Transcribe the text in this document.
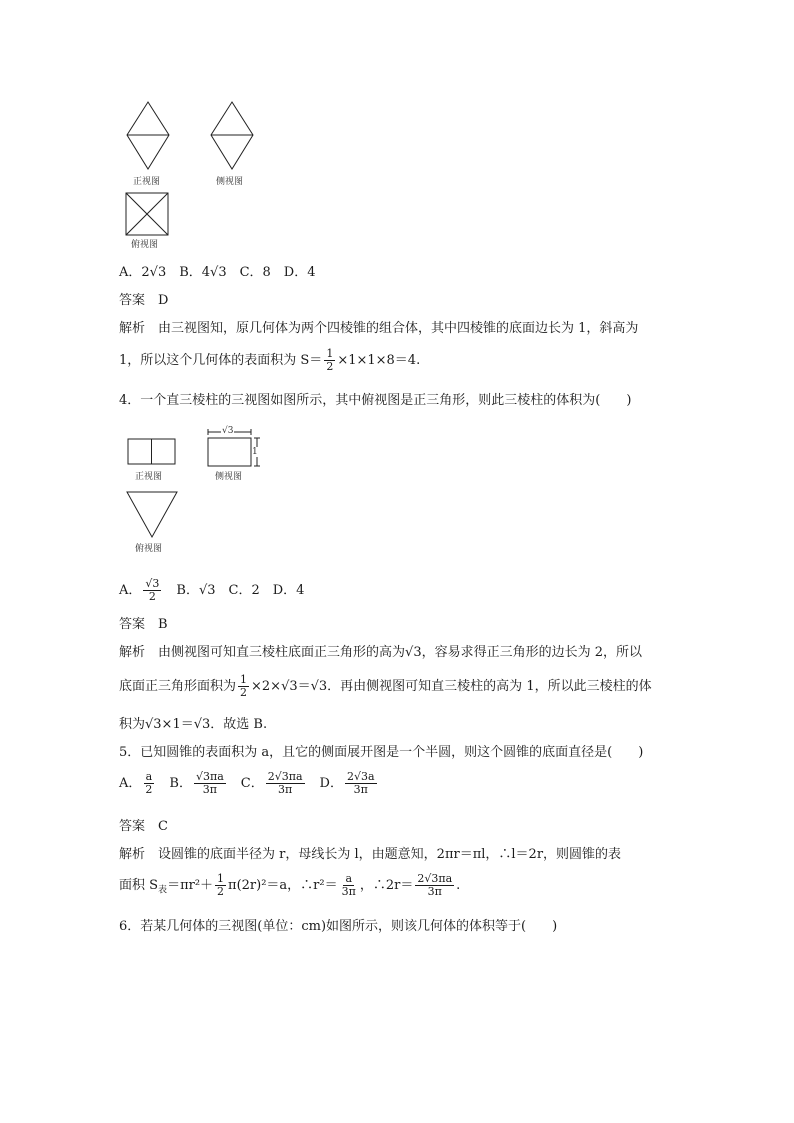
正视图	侧视图
俯视图
A．2√3　B．4√3　C．8　D．4
答案　 D
解析　 由三视图知，原几何体为两个四棱锥的组合体，其中四棱锥的底面边长为 1，斜高为
1，所以这个几何体的表面积为 $S= \frac{1}{2} \times 1\times 1\times 8=4$.
4．一个直三棱柱的三视图如图所示，其中俯视图是正三角形，则此三棱柱的体积为(　　)
正视图
√3
1
侧视图
俯视图
A． $\frac{√3}{2}$ 　B．√3　C．2　D．4
答案　 B
解析　 由侧视图可知直三棱柱底面正三角形的高为√3，容易求得正三角形的边长为 2，所以
底面正三角形面积为 $\frac{1}{2} \times 2\times√3=√3$．再由侧视图可知直三棱柱的高为 1，所以此三棱柱的体
积为√3×1＝√3．故选 B.
5．已知圆锥的表面积为 a，且它的侧面展开图是一个半圆，则这个圆锥的底面直径是(　　)
A． $\frac{a}{2}$
　 B． $\frac{√3\pi a}{3\pi}$
　 C． $\frac{2√3\pi a}{3\pi}$
　 D． $\frac{2√3a}{3\pi}$
答案　 C
解析　 设圆锥的底面半径为 r，母线长为 l，由题意知，2πr＝πl，∴l＝2r，则圆锥的表
面积 $S_表=\pi r^2+ \frac{1}{2} \pi(2r)^2=a$，∴r²＝ $\frac{a}{3\pi}$ ，∴2r＝ $\frac{2√3\pi a}{3\pi}$ .
6．若某几何体的三视图(单位：cm)如图所示，则该几何体的体积等于(　　)
